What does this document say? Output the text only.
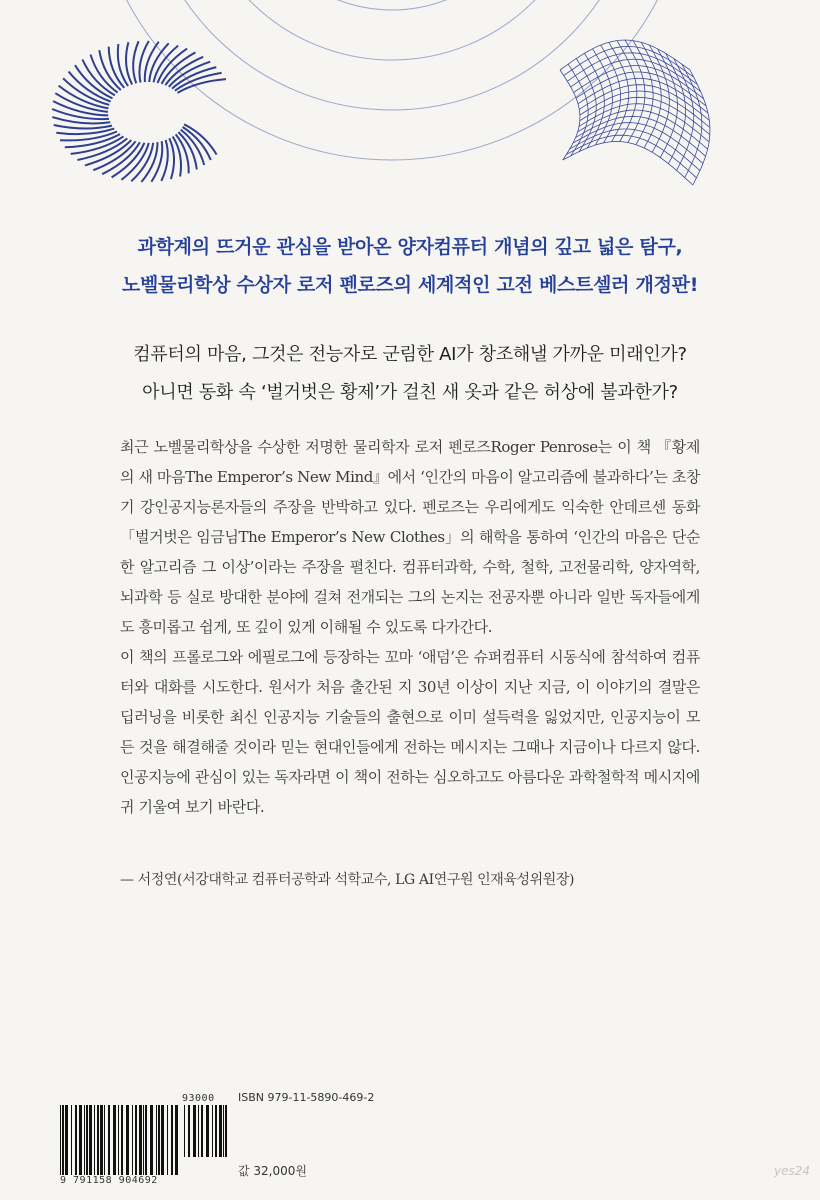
과학계의 뜨거운 관심을 받아온 양자컴퓨터 개념의 깊고 넓은 탐구,
노벨물리학상 수상자 로저 펜로즈의 세계적인 고전 베스트셀러 개정판!
컴퓨터의 마음, 그것은 전능자로 군림한 AI가 창조해낼 가까운 미래인가?
아니면 동화 속 ‘벌거벗은 황제’가 걸친 새 옷과 같은 허상에 불과한가?

최근 노벨물리학상을 수상한 저명한 물리학자 로저 펜로즈Roger Penrose는 이 책 『황제의 새 마음The Emperor’s New Mind』에서 ‘인간의 마음이 알고리즘에 불과하다’는 초창기 강인공지능론자들의 주장을 반박하고 있다. 펜로즈는 우리에게도 익숙한 안데르센 동화 「벌거벗은 임금님The Emperor’s New Clothes」의 해학을 통하여 ‘인간의 마음은 단순한 알고리즘 그 이상’이라는 주장을 펼친다. 컴퓨터과학, 수학, 철학, 고전물리학, 양자역학, 뇌과학 등 실로 방대한 분야에 걸쳐 전개되는 그의 논지는 전공자뿐 아니라 일반 독자들에게도 흥미롭고 쉽게, 또 깊이 있게 이해될 수 있도록 다가간다.

이 책의 프롤로그와 에필로그에 등장하는 꼬마 ‘애덤’은 슈퍼컴퓨터 시동식에 참석하여 컴퓨터와 대화를 시도한다. 원서가 처음 출간된 지 30년 이상이 지난 지금, 이 이야기의 결말은 딥러닝을 비롯한 최신 인공지능 기술들의 출현으로 이미 설득력을 잃었지만, 인공지능이 모든 것을 해결해줄 것이라 믿는 현대인들에게 전하는 메시지는 그때나 지금이나 다르지 않다. 인공지능에 관심이 있는 독자라면 이 책이 전하는 심오하고도 아름다운 과학철학적 메시지에 귀 기울여 보기 바란다.

— 서정연(서강대학교 컴퓨터공학과 석학교수, LG AI연구원 인재육성위원장)
9 791158 904692
93000 ISBN 979-11-5890-469-2
값 32,000원	yes24
